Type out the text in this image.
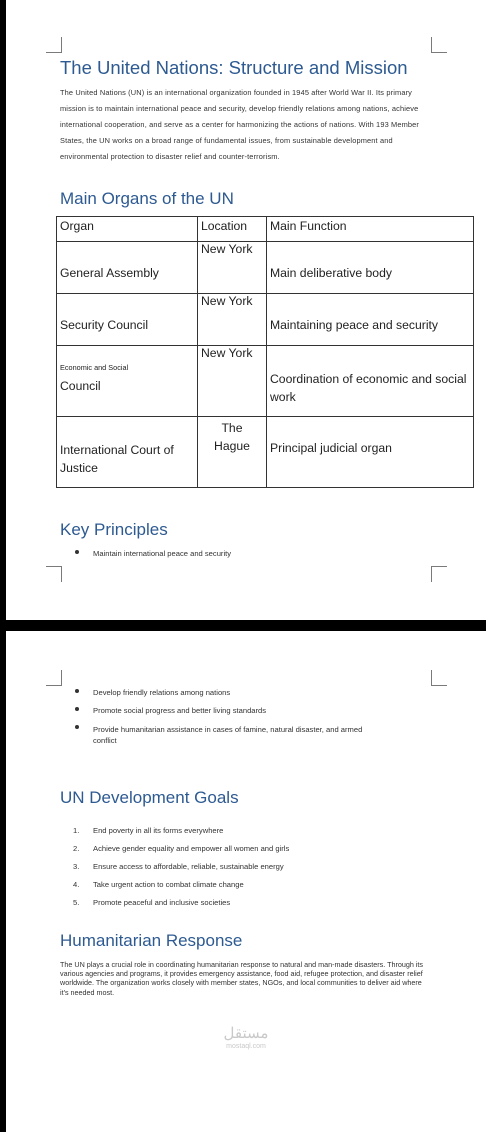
The United Nations: Structure and Mission
The United Nations (UN) is an international organization founded in 1945 after World War II. Its primary mission is to maintain international peace and security, develop friendly relations among nations, achieve international cooperation, and serve as a center for harmonizing the actions of nations. With 193 Member States, the UN works on a broad range of fundamental issues, from sustainable development and environmental protection to disaster relief and counter-terrorism.
Main Organs of the UN
Organ	Location	Main Function

General Assembly	New York	Main deliberative body

Security Council	New York	Maintaining peace and security

Economic and Social
Council	New York	Coordination of economic and social work

International Court of Justice	The Hague	Principal judicial organ
Key Principles
Maintain international peace and security
Develop friendly relations among nations
Promote social progress and better living standards
Provide humanitarian assistance in cases of famine, natural disaster, and armed conflict
UN Development Goals
1. End poverty in all its forms everywhere
2. Achieve gender equality and empower all women and girls
3. Ensure access to affordable, reliable, sustainable energy
4. Take urgent action to combat climate change
5. Promote peaceful and inclusive societies
Humanitarian Response
The UN plays a crucial role in coordinating humanitarian response to natural and man-made disasters. Through its various agencies and programs, it provides emergency assistance, food aid, refugee protection, and disaster relief worldwide. The organization works closely with member states, NGOs, and local communities to deliver aid where it's needed most.
مستقل
mostaql.com
